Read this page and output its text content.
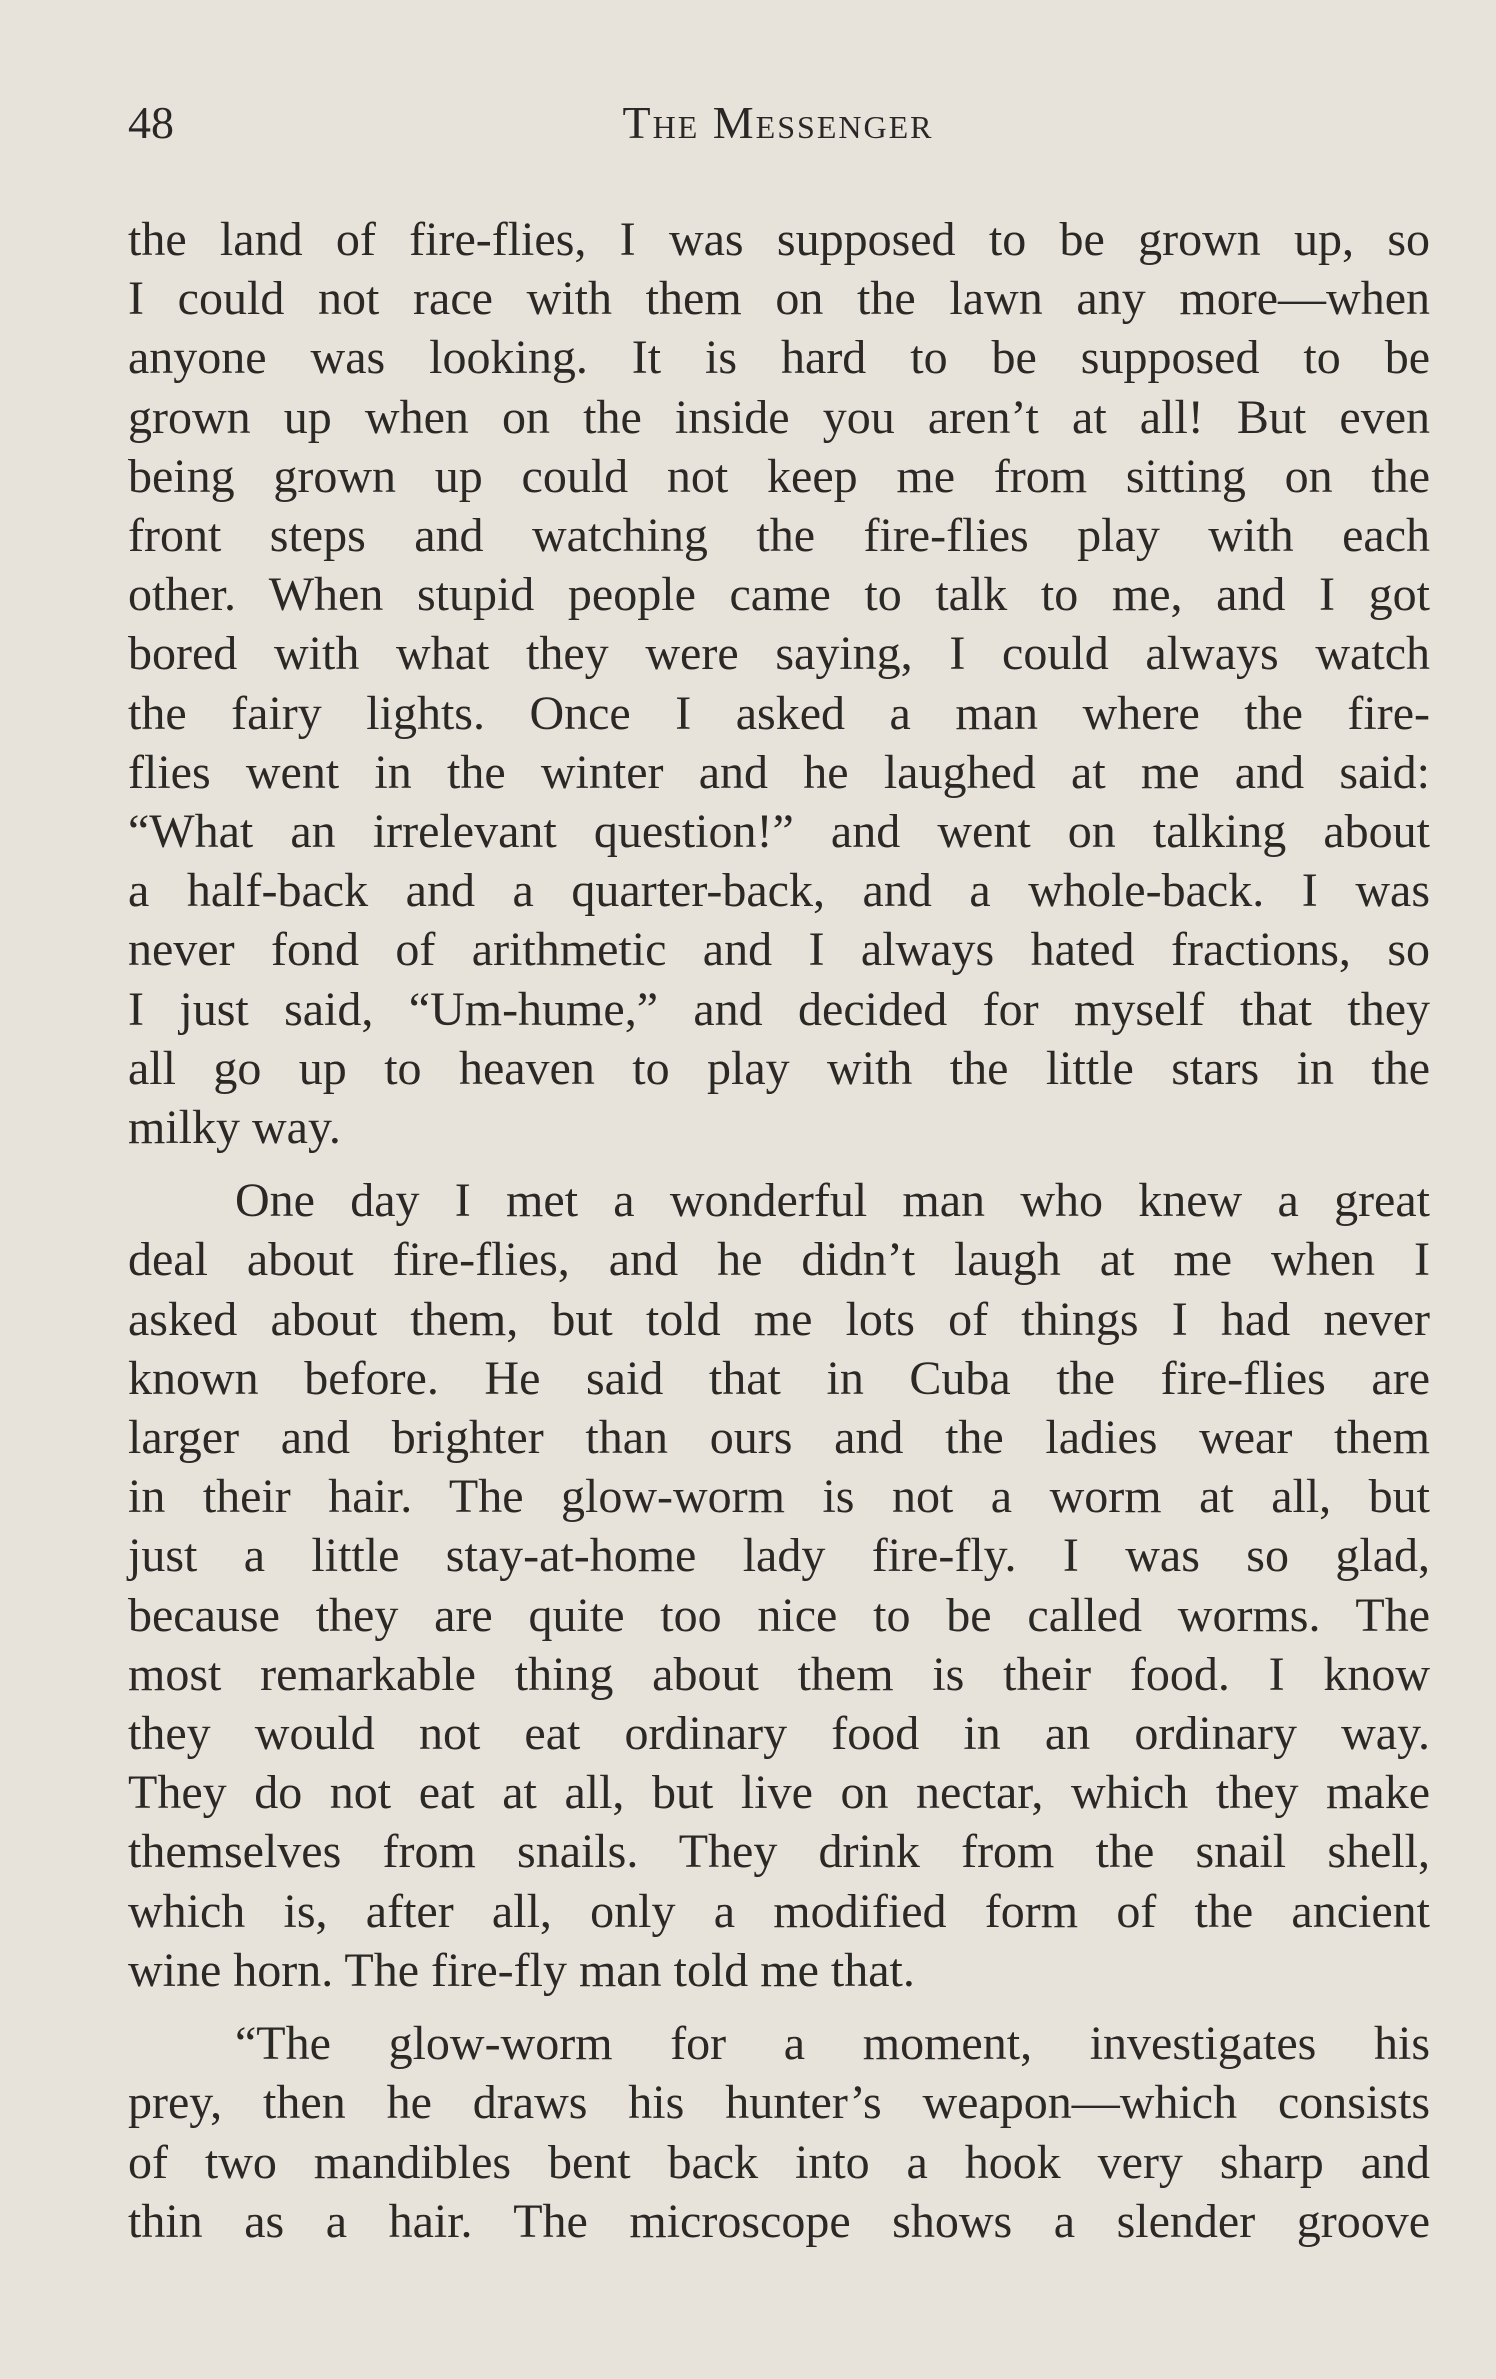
48	The Messenger

the land of fire-flies, I was supposed to be grown up, so
I could not race with them on the lawn any more—when
anyone was looking. It is hard to be supposed to be
grown up when on the inside you aren’t at all! But even
being grown up could not keep me from sitting on the
front steps and watching the fire-flies play with each
other. When stupid people came to talk to me, and I got
bored with what they were saying, I could always watch
the fairy lights. Once I asked a man where the fire-
flies went in the winter and he laughed at me and said:
“What an irrelevant question!” and went on talking about
a half-back and a quarter-back, and a whole-back. I was
never fond of arithmetic and I always hated fractions, so
I just said, “Um-hume,” and decided for myself that they
all go up to heaven to play with the little stars in the
milky way.

One day I met a wonderful man who knew a great
deal about fire-flies, and he didn’t laugh at me when I
asked about them, but told me lots of things I had never
known before. He said that in Cuba the fire-flies are
larger and brighter than ours and the ladies wear them
in their hair. The glow-worm is not a worm at all, but
just a little stay-at-home lady fire-fly. I was so glad,
because they are quite too nice to be called worms. The
most remarkable thing about them is their food. I know
they would not eat ordinary food in an ordinary way.
They do not eat at all, but live on nectar, which they make
themselves from snails. They drink from the snail shell,
which is, after all, only a modified form of the ancient
wine horn. The fire-fly man told me that.

“The glow-worm for a moment, investigates his
prey, then he draws his hunter’s weapon—which consists
of two mandibles bent back into a hook very sharp and
thin as a hair. The microscope shows a slender groove
